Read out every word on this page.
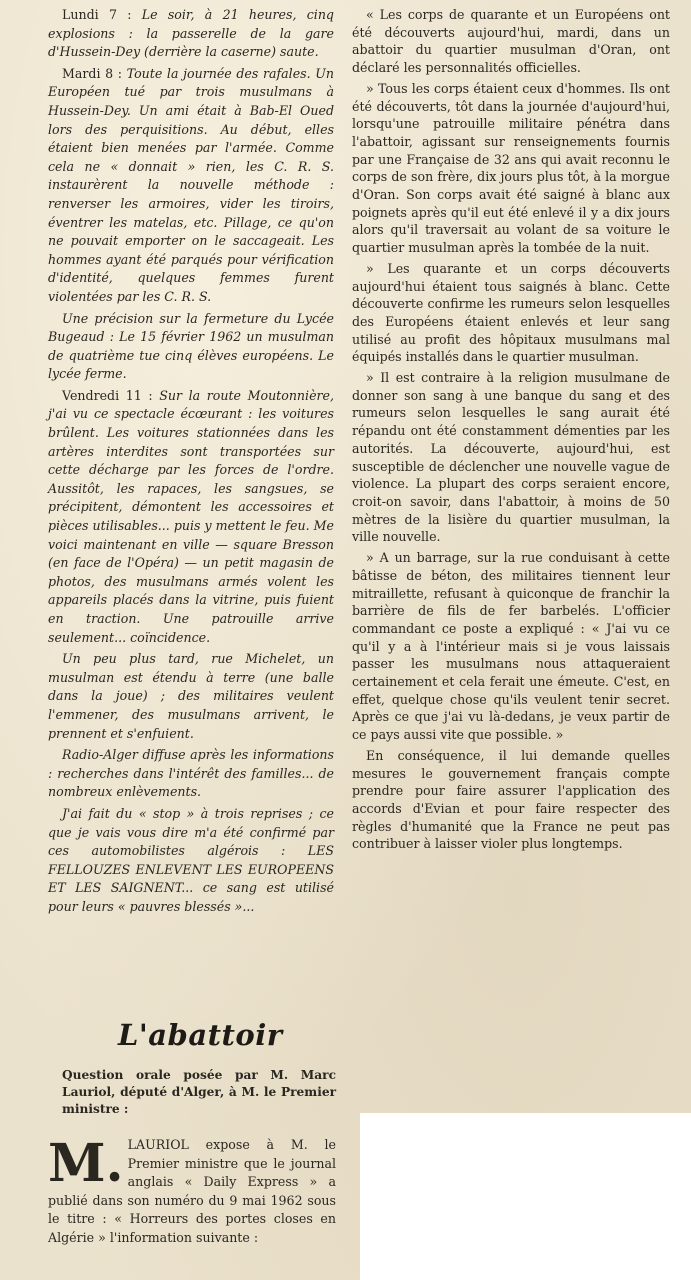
Lundi 7 : Le soir, à 21 heures, cinq explosions : la passerelle de la gare d'Hussein-Dey (derrière la caserne) saute.

Mardi 8 : Toute la journée des rafales. Un Européen tué par trois musulmans à Hussein-Dey. Un ami était à Bab-El Oued lors des perquisitions. Au début, elles étaient bien menées par l'armée. Comme cela ne « donnait » rien, les C. R. S. instaurèrent la nouvelle méthode : renverser les armoires, vider les tiroirs, éventrer les matelas, etc. Pillage, ce qu'on ne pouvait emporter on le saccageait. Les hommes ayant été parqués pour vérification d'identité, quelques femmes furent violentées par les C. R. S.

Une précision sur la fermeture du Lycée Bugeaud : Le 15 février 1962 un musulman de quatrième tue cinq élèves européens. Le lycée ferme.

Vendredi 11 : Sur la route Moutonnière, j'ai vu ce spectacle écœurant : les voitures brûlent. Les voitures stationnées dans les artères interdites sont transportées sur cette décharge par les forces de l'ordre. Aussitôt, les rapaces, les sangsues, se précipitent, démontent les accessoires et pièces utilisables... puis y mettent le feu. Me voici maintenant en ville — square Bresson (en face de l'Opéra) — un petit magasin de photos, des musulmans armés volent les appareils placés dans la vitrine, puis fuient en traction. Une patrouille arrive seulement... coïncidence.

Un peu plus tard, rue Michelet, un musulman est étendu à terre (une balle dans la joue) ; des militaires veulent l'emmener, des musulmans arrivent, le prennent et s'enfuient.

Radio-Alger diffuse après les informations : recherches dans l'intérêt des familles... de nombreux enlèvements.

J'ai fait du « stop » à trois reprises ; ce que je vais vous dire m'a été confirmé par ces automobilistes algérois : LES FELLOUZES ENLEVENT LES EUROPEENS ET LES SAIGNENT... ce sang est utilisé pour leurs « pauvres blessés »...

L'abattoir

Question orale posée par M. Marc Lauriol, député d'Alger, à M. le Premier ministre :

M. LAURIOL expose à M. le Premier ministre que le journal anglais « Daily Express » a publié dans son numéro du 9 mai 1962 sous le titre : « Horreurs des portes closes en Algérie » l'information suivante :

« Les corps de quarante et un Européens ont été découverts aujourd'hui, mardi, dans un abattoir du quartier musulman d'Oran, ont déclaré les personnalités officielles.

» Tous les corps étaient ceux d'hommes. Ils ont été découverts, tôt dans la journée d'aujourd'hui, lorsqu'une patrouille militaire pénétra dans l'abattoir, agissant sur renseignements fournis par une Française de 32 ans qui avait reconnu le corps de son frère, dix jours plus tôt, à la morgue d'Oran. Son corps avait été saigné à blanc aux poignets après qu'il eut été enlevé il y a dix jours alors qu'il traversait au volant de sa voiture le quartier musulman après la tombée de la nuit.

» Les quarante et un corps découverts aujourd'hui étaient tous saignés à blanc. Cette découverte confirme les rumeurs selon lesquelles des Européens étaient enlevés et leur sang utilisé au profit des hôpitaux musulmans mal équipés installés dans le quartier musulman.

» Il est contraire à la religion musulmane de donner son sang à une banque du sang et des rumeurs selon lesquelles le sang aurait été répandu ont été constamment démenties par les autorités. La découverte, aujourd'hui, est susceptible de déclencher une nouvelle vague de violence. La plupart des corps seraient encore, croit-on savoir, dans l'abattoir, à moins de 50 mètres de la lisière du quartier musulman, la ville nouvelle.

» A un barrage, sur la rue conduisant à cette bâtisse de béton, des militaires tiennent leur mitraillette, refusant à quiconque de franchir la barrière de fils de fer barbelés. L'officier commandant ce poste a expliqué : « J'ai vu ce qu'il y a à l'intérieur mais si je vous laissais passer les musulmans nous attaqueraient certainement et cela ferait une émeute. C'est, en effet, quelque chose qu'ils veulent tenir secret. Après ce que j'ai vu là-dedans, je veux partir de ce pays aussi vite que possible. »

En conséquence, il lui demande quelles mesures le gouvernement français compte prendre pour faire assurer l'application des accords d'Evian et pour faire respecter des règles d'humanité que la France ne peut pas contribuer à laisser violer plus longtemps.
